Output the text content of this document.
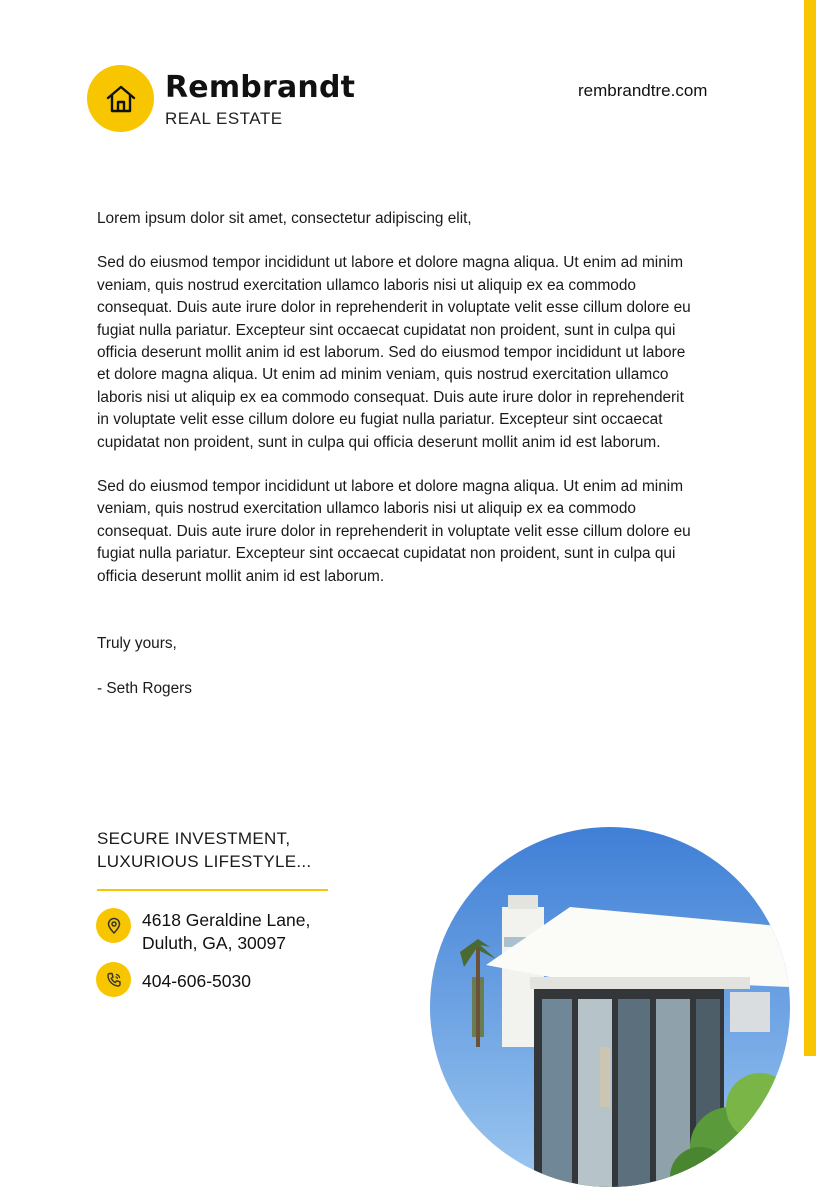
Rembrandt
REAL ESTATE
rembrandtre.com

Lorem ipsum dolor sit amet, consectetur adipiscing elit,

Sed do eiusmod tempor incididunt ut labore et dolore magna aliqua. Ut enim ad minim veniam, quis nostrud exercitation ullamco laboris nisi ut aliquip ex ea commodo consequat. Duis aute irure dolor in reprehenderit in voluptate velit esse cillum dolore eu fugiat nulla pariatur. Excepteur sint occaecat cupidatat non proident, sunt in culpa qui officia deserunt mollit anim id est laborum. Sed do eiusmod tempor incididunt ut labore et dolore magna aliqua. Ut enim ad minim veniam, quis nostrud exercitation ullamco laboris nisi ut aliquip ex ea commodo consequat. Duis aute irure dolor in reprehenderit in voluptate velit esse cillum dolore eu fugiat nulla pariatur. Excepteur sint occaecat cupidatat non proident, sunt in culpa qui officia deserunt mollit anim id est laborum.

Sed do eiusmod tempor incididunt ut labore et dolore magna aliqua. Ut enim ad minim veniam, quis nostrud exercitation ullamco laboris nisi ut aliquip ex ea commodo consequat. Duis aute irure dolor in reprehenderit in voluptate velit esse cillum dolore eu fugiat nulla pariatur. Excepteur sint occaecat cupidatat non proident, sunt in culpa qui officia deserunt mollit anim id est laborum.

Truly yours,

- Seth Rogers

SECURE INVESTMENT,
LUXURIOUS LIFESTYLE...
4618 Geraldine Lane,
Duluth, GA, 30097
404-606-5030
